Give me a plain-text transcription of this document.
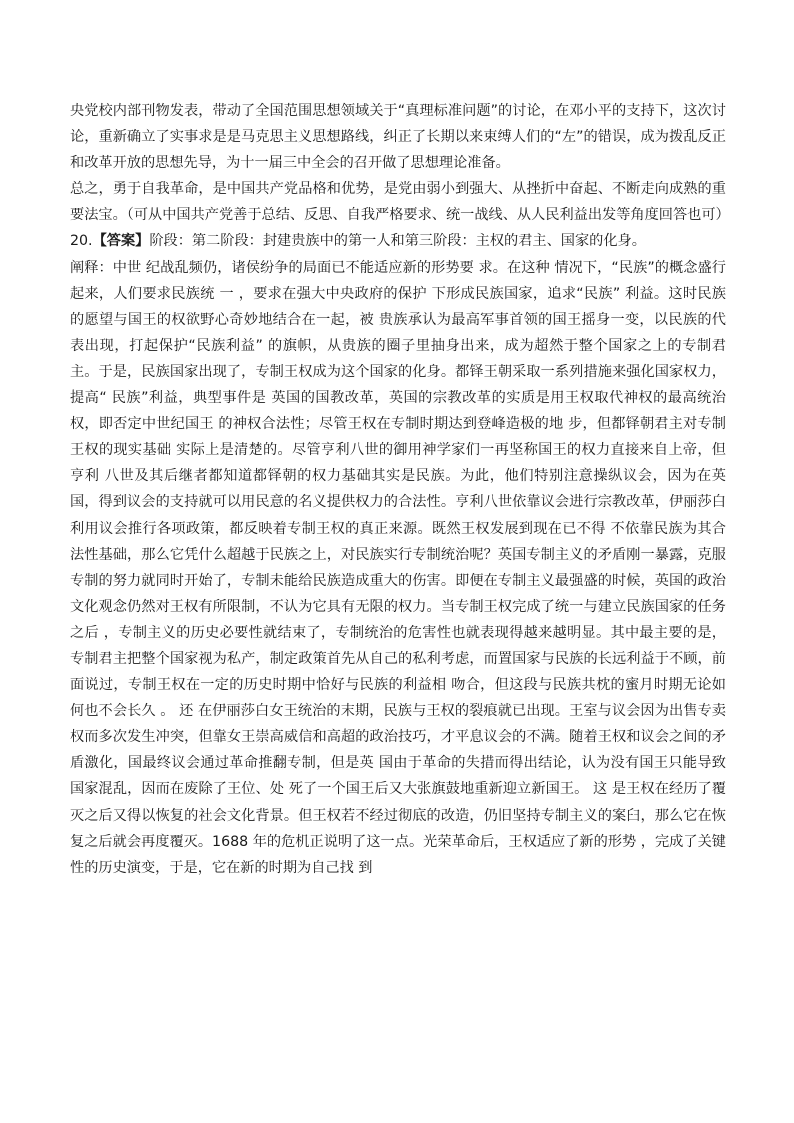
央党校内部刊物发表，带动了全国范围思想领域关于“真理标准问题”的讨论，在邓小平的支持下，这次讨论，重新确立了实事求是是马克思主义思想路线，纠正了长期以来束缚人们的“左”的错误，成为拨乱反正和改革开放的思想先导，为十一届三中全会的召开做了思想理论准备。

总之，勇于自我革命，是中国共产党品格和优势，是党由弱小到强大、从挫折中奋起、不断走向成熟的重要法宝。（可从中国共产党善于总结、反思、自我严格要求、统一战线、从人民利益出发等角度回答也可）

20.【答案】阶段：第二阶段：封建贵族中的第一人和第三阶段：主权的君主、国家的化身。

阐释：中世 纪战乱频仍，诸侯纷争的局面已不能适应新的形势要 求。在这种 情况下，“民族”的概念盛行起来，人们要求民族统 一 ，要求在强大中央政府的保护 下形成民族国家，追求“民族” 利益。这时民族的愿望与国王的权欲野心奇妙地结合在一起，被 贵族承认为最高军事首领的国王摇身一变，以民族的代表出现，打起保护“民族利益” 的旗帜，从贵族的圈子里抽身出来，成为超然于整个国家之上的专制君主。于是，民族国家出现了，专制王权成为这个国家的化身。都铎王朝采取一系列措施来强化国家权力，提高“ 民族”利益，典型事件是 英国的国教改革，英国的宗教改革的实质是用王权取代神权的最高统治权，即否定中世纪国王 的神权合法性；尽管王权在专制时期达到登峰造极的地 步，但都铎朝君主对专制王权的现实基础 实际上是清楚的。尽管亨利八世的御用神学家们一再坚称国王的权力直接来自上帝，但亨利 八世及其后继者都知道都铎朝的权力基础其实是民族。为此，他们特别注意操纵议会，因为在英 国，得到议会的支持就可以用民意的名义提供权力的合法性。亨利八世依靠议会进行宗教改革，伊丽莎白利用议会推行各项政策，都反映着专制王权的真正来源。既然王权发展到现在已不得 不依靠民族为其合法性基础，那么它凭什么超越于民族之上，对民族实行专制统治呢？英国专制主义的矛盾刚一暴露，克服专制的努力就同时开始了，专制未能给民族造成重大的伤害。即便在专制主义最强盛的时候，英国的政治文化观念仍然对王权有所限制，不认为它具有无限的权力。当专制王权完成了统一与建立民族国家的任务之后 ，专制主义的历史必要性就结束了，专制统治的危害性也就表现得越来越明显。其中最主要的是，专制君主把整个国家视为私产，制定政策首先从自己的私利考虑，而置国家与民族的长远利益于不顾，前面说过，专制王权在一定的历史时期中恰好与民族的利益相 吻合，但这段与民族共枕的蜜月时期无论如何也不会长久 。 还 在伊丽莎白女王统治的末期，民族与王权的裂痕就已出现。王室与议会因为出售专卖权而多次发生冲突，但靠女王崇高威信和高超的政治技巧，才平息议会的不满。随着王权和议会之间的矛盾激化，国最终议会通过革命推翻专制，但是英 国由于革命的失措而得出结论，认为没有国王只能导致国家混乱，因而在废除了王位、处 死了一个国王后又大张旗鼓地重新迎立新国王。 这 是王权在经历了覆灭之后又得以恢复的社会文化背景。但王权若不经过彻底的改造，仍旧坚持专制主义的案臼，那么它在恢复之后就会再度覆灭。1688 年的危机正说明了这一点。光荣革命后，王权适应了新的形势 ，完成了关键性的历史演变，于是，它在新的时期为自己找 到
